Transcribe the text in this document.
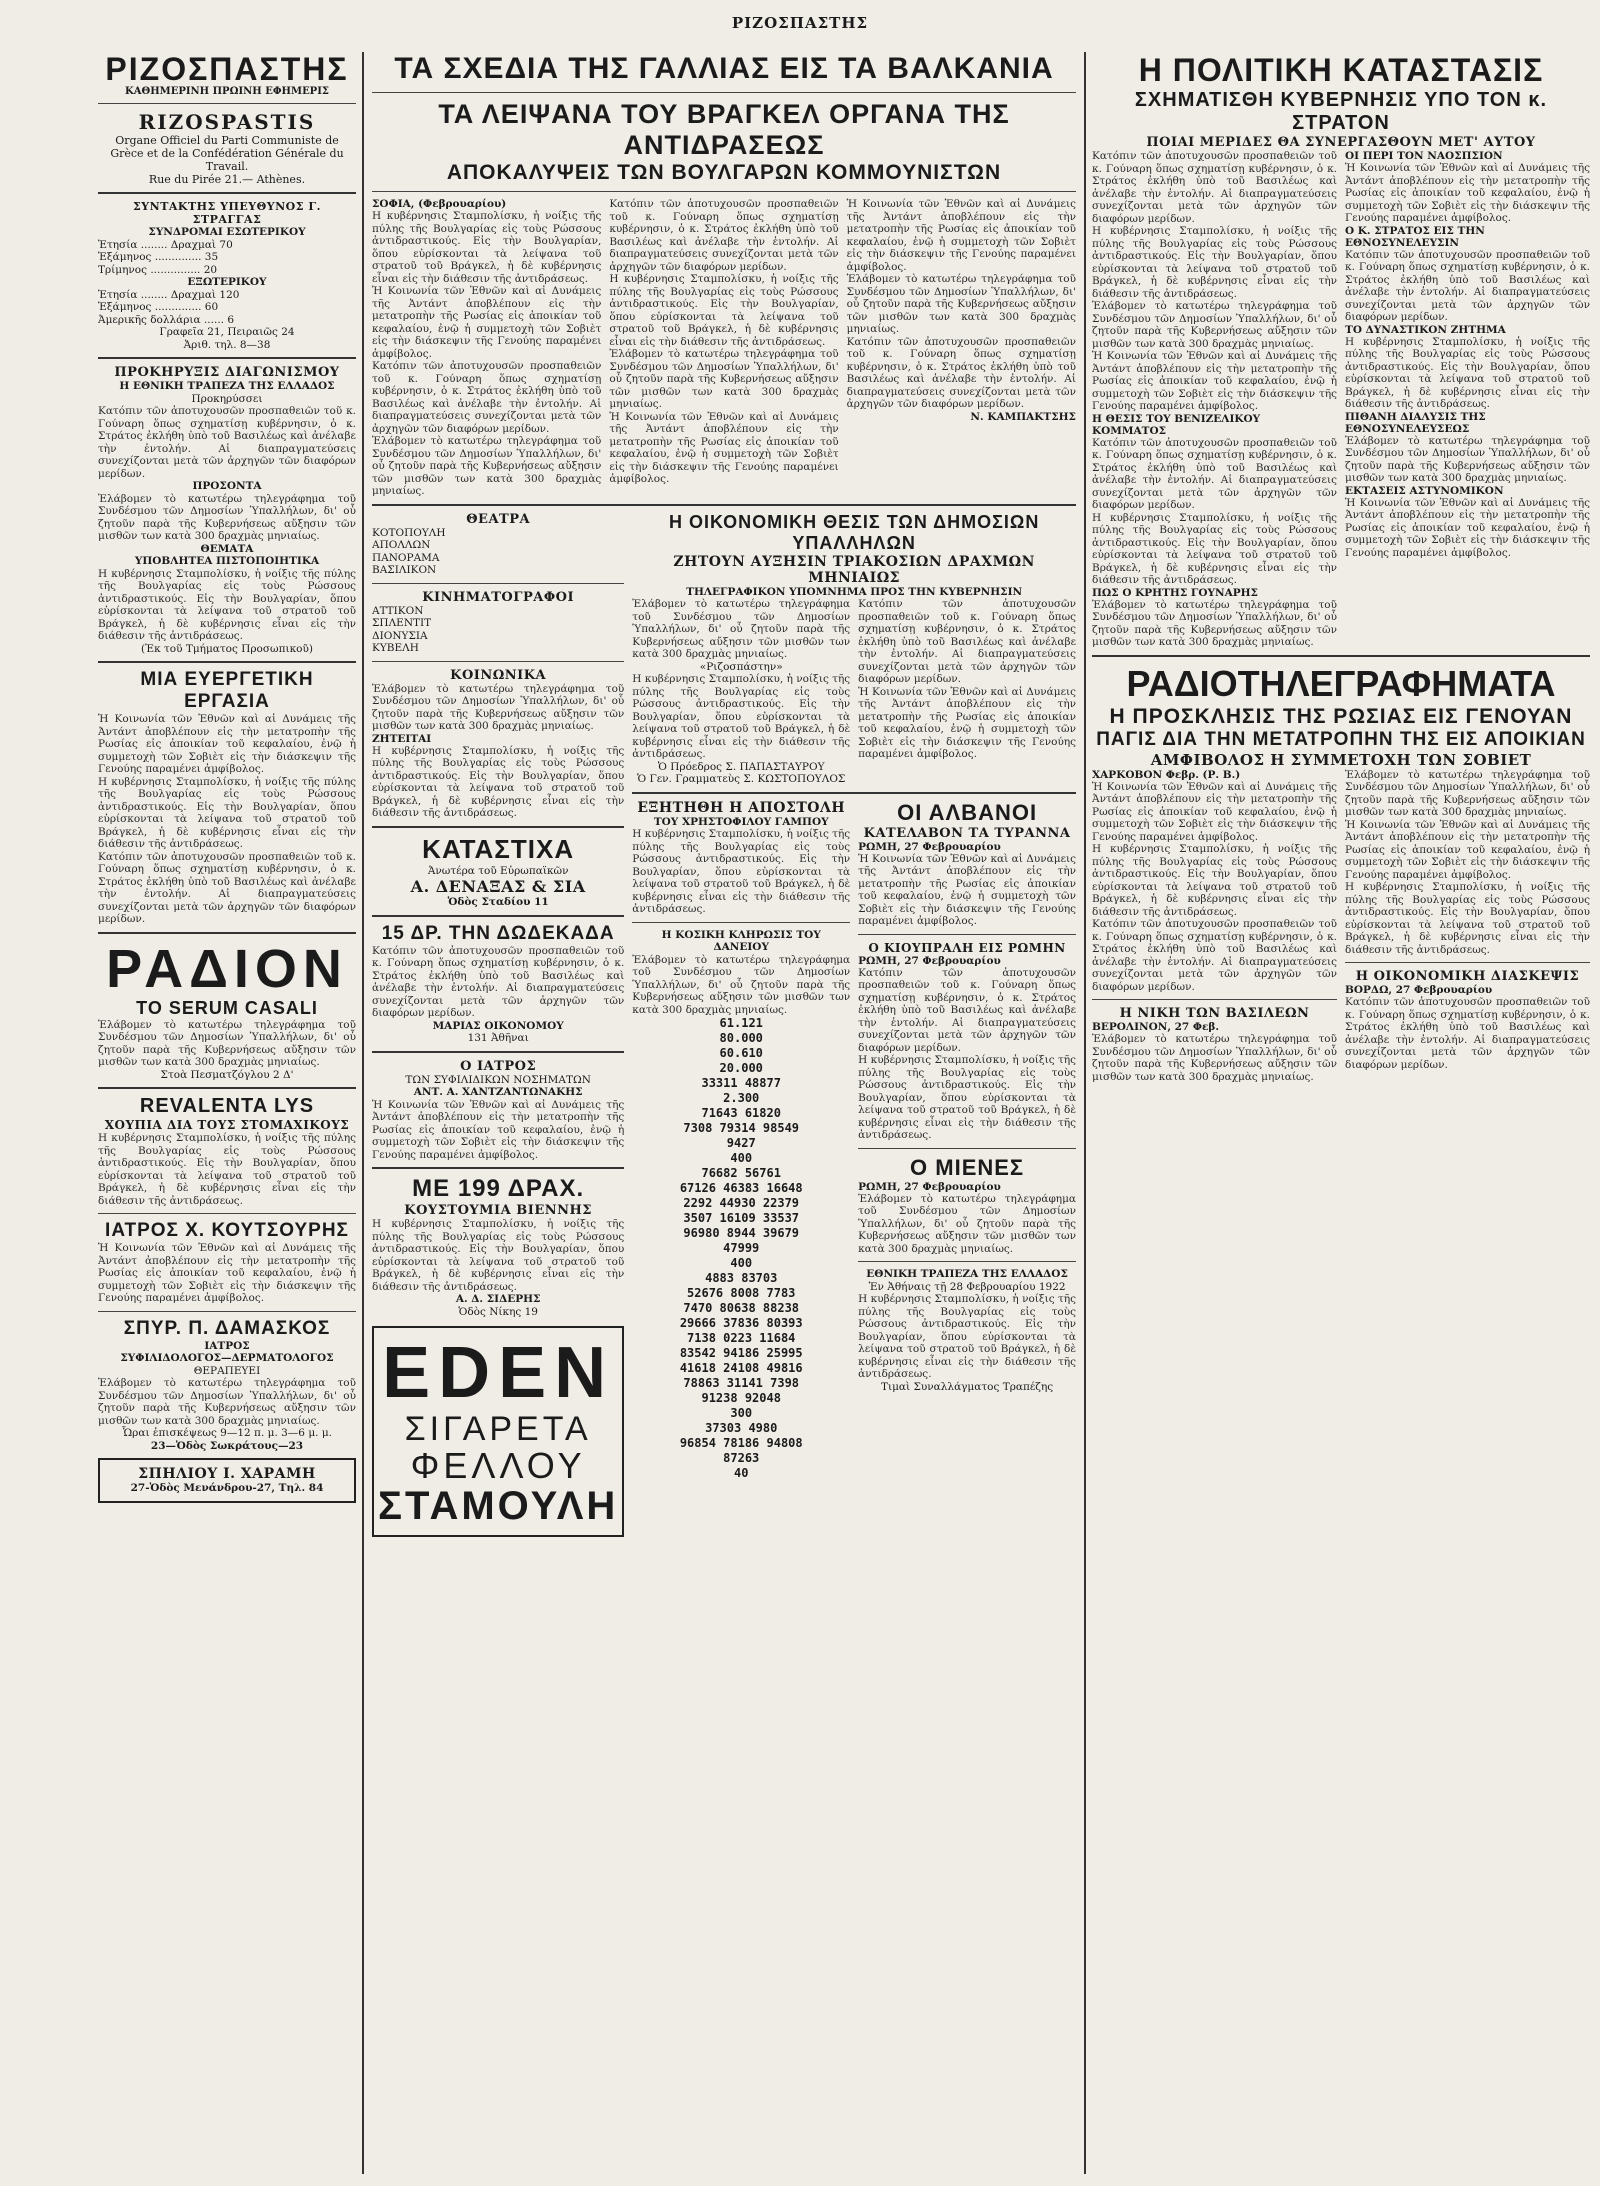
ΡΙΖΟΣΠΑΣΤΗΣ
ΡΙΖΟΣΠΑΣΤΗΣ
ΚΑΘΗΜΕΡΙΝΗ ΠΡΩΙΝΗ ΕΦΗΜΕΡΙΣ
RIZOSPASTIS
Organe Officiel du Parti Communiste de Grèce et de la Confédération Générale du Travail.
Rue du Pirée 21.— Athènes.
ΣΥΝΤΑΚΤΗΣ ΥΠΕΥΘΥΝΟΣ Γ. ΣΤΡΑΓΓΑΣ
ΣΥΝΔΡΟΜΑΙ ΕΣΩΤΕΡΙΚΟΥ
Ἐτησία ........ Δραχμαὶ 70
Ἑξάμηνος .............. 35
Τρίμηνος ............... 20
ΕΞΩΤΕΡΙΚΟΥ
Ἐτησία ........ Δραχμαὶ 120
Ἑξάμηνος .............. 60
Ἀμερικῆς δολλάρια ...... 6
Γραφεῖα 21, Πειραιῶς 24
Ἀριθ. τηλ. 8—38
ΠΡΟΚΗΡΥΞΙΣ ΔΙΑΓΩΝΙΣΜΟΥ
Η ΕΘΝΙΚΗ ΤΡΑΠΕΖΑ ΤΗΣ ΕΛΛΑΔΟΣ
Προκηρύσσει
Κατόπιν τῶν ἀποτυχουσῶν προσπαθειῶν τοῦ κ. Γούναρη ὅπως σχηματίσῃ κυβέρνησιν, ὁ κ. Στράτος ἐκλήθη ὑπὸ τοῦ Βασιλέως καὶ ἀνέλαβε τὴν ἐντολήν. Αἱ διαπραγματεύσεις συνεχίζονται μετὰ τῶν ἀρχηγῶν τῶν διαφόρων μερίδων.
ΠΡΟΣΟΝΤΑ
Ἐλάβομεν τὸ κατωτέρω τηλεγράφημα τοῦ Συνδέσμου τῶν Δημοσίων Ὑπαλλήλων, δι' οὗ ζητοῦν παρὰ τῆς Κυβερνήσεως αὔξησιν τῶν μισθῶν των κατὰ 300 δραχμὰς μηνιαίως.
ΘΕΜΑΤΑ
ΥΠΟΒΛΗΤΕΑ ΠΙΣΤΟΠΟΙΗΤΙΚΑ
Η κυβέρνησις Σταμπολίσκυ, ἡ νοίξις τῆς πύλης τῆς Βουλγαρίας εἰς τοὺς Ρώσσους ἀντιδραστικούς. Εἰς τὴν Βουλγαρίαν, ὅπου εὑρίσκονται τὰ λείψανα τοῦ στρατοῦ τοῦ Βράγκελ, ἡ δὲ κυβέρνησις εἶναι εἰς τὴν διάθεσιν τῆς ἀντιδράσεως.
(Ἐκ τοῦ Τμήματος Προσωπικοῦ)
ΜΙΑ ΕΥΕΡΓΕΤΙΚΗ ΕΡΓΑΣΙΑ
Ἡ Κοινωνία τῶν Ἐθνῶν καὶ αἱ Δυνάμεις τῆς Ἀντάντ ἀποβλέπουν εἰς τὴν μετατροπὴν τῆς Ρωσίας εἰς ἀποικίαν τοῦ κεφαλαίου, ἐνῷ ἡ συμμετοχὴ τῶν Σοβιὲτ εἰς τὴν διάσκεψιν τῆς Γενούης παραμένει ἀμφίβολος.
Η κυβέρνησις Σταμπολίσκυ, ἡ νοίξις τῆς πύλης τῆς Βουλγαρίας εἰς τοὺς Ρώσσους ἀντιδραστικούς. Εἰς τὴν Βουλγαρίαν, ὅπου εὑρίσκονται τὰ λείψανα τοῦ στρατοῦ τοῦ Βράγκελ, ἡ δὲ κυβέρνησις εἶναι εἰς τὴν διάθεσιν τῆς ἀντιδράσεως.
Κατόπιν τῶν ἀποτυχουσῶν προσπαθειῶν τοῦ κ. Γούναρη ὅπως σχηματίσῃ κυβέρνησιν, ὁ κ. Στράτος ἐκλήθη ὑπὸ τοῦ Βασιλέως καὶ ἀνέλαβε τὴν ἐντολήν. Αἱ διαπραγματεύσεις συνεχίζονται μετὰ τῶν ἀρχηγῶν τῶν διαφόρων μερίδων.
ΡΑΔΙΟΝ
TO SERUM CASALI
Ἐλάβομεν τὸ κατωτέρω τηλεγράφημα τοῦ Συνδέσμου τῶν Δημοσίων Ὑπαλλήλων, δι' οὗ ζητοῦν παρὰ τῆς Κυβερνήσεως αὔξησιν τῶν μισθῶν των κατὰ 300 δραχμὰς μηνιαίως.
Στοὰ Πεσματζόγλου 2 Δ'
REVALENTA LYS
ΧΟΥΠΙΑ ΔΙΑ ΤΟΥΣ ΣΤΟΜΑΧΙΚΟΥΣ
Η κυβέρνησις Σταμπολίσκυ, ἡ νοίξις τῆς πύλης τῆς Βουλγαρίας εἰς τοὺς Ρώσσους ἀντιδραστικούς. Εἰς τὴν Βουλγαρίαν, ὅπου εὑρίσκονται τὰ λείψανα τοῦ στρατοῦ τοῦ Βράγκελ, ἡ δὲ κυβέρνησις εἶναι εἰς τὴν διάθεσιν τῆς ἀντιδράσεως.
ΙΑΤΡΟΣ Χ. ΚΟΥΤΣΟΥΡΗΣ
Ἡ Κοινωνία τῶν Ἐθνῶν καὶ αἱ Δυνάμεις τῆς Ἀντάντ ἀποβλέπουν εἰς τὴν μετατροπὴν τῆς Ρωσίας εἰς ἀποικίαν τοῦ κεφαλαίου, ἐνῷ ἡ συμμετοχὴ τῶν Σοβιὲτ εἰς τὴν διάσκεψιν τῆς Γενούης παραμένει ἀμφίβολος.
ΣΠΥΡ. Π. ΔΑΜΑΣΚΟΣ
ΙΑΤΡΟΣ
ΣΥΦΙΛΙΔΟΛΟΓΟΣ—ΔΕΡΜΑΤΟΛΟΓΟΣ
ΘΕΡΑΠΕΥΕΙ
Ἐλάβομεν τὸ κατωτέρω τηλεγράφημα τοῦ Συνδέσμου τῶν Δημοσίων Ὑπαλλήλων, δι' οὗ ζητοῦν παρὰ τῆς Κυβερνήσεως αὔξησιν τῶν μισθῶν των κατὰ 300 δραχμὰς μηνιαίως.
Ὧραι ἐπισκέψεως 9—12 π. μ. 3—6 μ. μ.
23—Ὁδὸς Σωκράτους—23
ΣΠΗΛΙΟΥ Ι. ΧΑΡΑΜΗ
27-Ὁδὸς Μενάνδρου-27, Τηλ. 84
ΤΑ ΣΧΕΔΙΑ ΤΗΣ ΓΑΛΛΙΑΣ ΕΙΣ ΤΑ ΒΑΛΚΑΝΙΑ
ΤΑ ΛΕΙΨΑΝΑ ΤΟΥ ΒΡΑΓΚΕΛ ΟΡΓΑΝΑ ΤΗΣ ΑΝΤΙΔΡΑΣΕΩΣ
ΑΠΟΚΑΛΥΨΕΙΣ ΤΩΝ ΒΟΥΛΓΑΡΩΝ ΚΟΜΜΟΥΝΙΣΤΩΝ
ΣΟΦΙΑ, (Φεβρουαρίου)
Η κυβέρνησις Σταμπολίσκυ, ἡ νοίξις τῆς πύλης τῆς Βουλγαρίας εἰς τοὺς Ρώσσους ἀντιδραστικούς. Εἰς τὴν Βουλγαρίαν, ὅπου εὑρίσκονται τὰ λείψανα τοῦ στρατοῦ τοῦ Βράγκελ, ἡ δὲ κυβέρνησις εἶναι εἰς τὴν διάθεσιν τῆς ἀντιδράσεως.
Ἡ Κοινωνία τῶν Ἐθνῶν καὶ αἱ Δυνάμεις τῆς Ἀντάντ ἀποβλέπουν εἰς τὴν μετατροπὴν τῆς Ρωσίας εἰς ἀποικίαν τοῦ κεφαλαίου, ἐνῷ ἡ συμμετοχὴ τῶν Σοβιὲτ εἰς τὴν διάσκεψιν τῆς Γενούης παραμένει ἀμφίβολος.
Κατόπιν τῶν ἀποτυχουσῶν προσπαθειῶν τοῦ κ. Γούναρη ὅπως σχηματίσῃ κυβέρνησιν, ὁ κ. Στράτος ἐκλήθη ὑπὸ τοῦ Βασιλέως καὶ ἀνέλαβε τὴν ἐντολήν. Αἱ διαπραγματεύσεις συνεχίζονται μετὰ τῶν ἀρχηγῶν τῶν διαφόρων μερίδων.
Ἐλάβομεν τὸ κατωτέρω τηλεγράφημα τοῦ Συνδέσμου τῶν Δημοσίων Ὑπαλλήλων, δι' οὗ ζητοῦν παρὰ τῆς Κυβερνήσεως αὔξησιν τῶν μισθῶν των κατὰ 300 δραχμὰς μηνιαίως.
Κατόπιν τῶν ἀποτυχουσῶν προσπαθειῶν τοῦ κ. Γούναρη ὅπως σχηματίσῃ κυβέρνησιν, ὁ κ. Στράτος ἐκλήθη ὑπὸ τοῦ Βασιλέως καὶ ἀνέλαβε τὴν ἐντολήν. Αἱ διαπραγματεύσεις συνεχίζονται μετὰ τῶν ἀρχηγῶν τῶν διαφόρων μερίδων.
Η κυβέρνησις Σταμπολίσκυ, ἡ νοίξις τῆς πύλης τῆς Βουλγαρίας εἰς τοὺς Ρώσσους ἀντιδραστικούς. Εἰς τὴν Βουλγαρίαν, ὅπου εὑρίσκονται τὰ λείψανα τοῦ στρατοῦ τοῦ Βράγκελ, ἡ δὲ κυβέρνησις εἶναι εἰς τὴν διάθεσιν τῆς ἀντιδράσεως.
Ἐλάβομεν τὸ κατωτέρω τηλεγράφημα τοῦ Συνδέσμου τῶν Δημοσίων Ὑπαλλήλων, δι' οὗ ζητοῦν παρὰ τῆς Κυβερνήσεως αὔξησιν τῶν μισθῶν των κατὰ 300 δραχμὰς μηνιαίως.
Ἡ Κοινωνία τῶν Ἐθνῶν καὶ αἱ Δυνάμεις τῆς Ἀντάντ ἀποβλέπουν εἰς τὴν μετατροπὴν τῆς Ρωσίας εἰς ἀποικίαν τοῦ κεφαλαίου, ἐνῷ ἡ συμμετοχὴ τῶν Σοβιὲτ εἰς τὴν διάσκεψιν τῆς Γενούης παραμένει ἀμφίβολος.
Ἡ Κοινωνία τῶν Ἐθνῶν καὶ αἱ Δυνάμεις τῆς Ἀντάντ ἀποβλέπουν εἰς τὴν μετατροπὴν τῆς Ρωσίας εἰς ἀποικίαν τοῦ κεφαλαίου, ἐνῷ ἡ συμμετοχὴ τῶν Σοβιὲτ εἰς τὴν διάσκεψιν τῆς Γενούης παραμένει ἀμφίβολος.
Ἐλάβομεν τὸ κατωτέρω τηλεγράφημα τοῦ Συνδέσμου τῶν Δημοσίων Ὑπαλλήλων, δι' οὗ ζητοῦν παρὰ τῆς Κυβερνήσεως αὔξησιν τῶν μισθῶν των κατὰ 300 δραχμὰς μηνιαίως.
Κατόπιν τῶν ἀποτυχουσῶν προσπαθειῶν τοῦ κ. Γούναρη ὅπως σχηματίσῃ κυβέρνησιν, ὁ κ. Στράτος ἐκλήθη ὑπὸ τοῦ Βασιλέως καὶ ἀνέλαβε τὴν ἐντολήν. Αἱ διαπραγματεύσεις συνεχίζονται μετὰ τῶν ἀρχηγῶν τῶν διαφόρων μερίδων.
Ν. ΚΑΜΠΑΚΤΣΗΣ
ΘΕΑΤΡΑ
ΚΟΤΟΠΟΥΛΗ
ΑΠΟΛΛΩΝ
ΠΑΝΟΡΑΜΑ
ΒΑΣΙΛΙΚΟΝ
ΚΙΝΗΜΑΤΟΓΡΑΦΟΙ
ΑΤΤΙΚΟΝ
ΣΠΛΕΝΤΙΤ
ΔΙΟΝΥΣΙΑ
ΚΥΒΕΛΗ
ΚΟΙΝΩΝΙΚΑ
Ἐλάβομεν τὸ κατωτέρω τηλεγράφημα τοῦ Συνδέσμου τῶν Δημοσίων Ὑπαλλήλων, δι' οὗ ζητοῦν παρὰ τῆς Κυβερνήσεως αὔξησιν τῶν μισθῶν των κατὰ 300 δραχμὰς μηνιαίως.
ΖΗΤΕΙΤΑΙ
Η κυβέρνησις Σταμπολίσκυ, ἡ νοίξις τῆς πύλης τῆς Βουλγαρίας εἰς τοὺς Ρώσσους ἀντιδραστικούς. Εἰς τὴν Βουλγαρίαν, ὅπου εὑρίσκονται τὰ λείψανα τοῦ στρατοῦ τοῦ Βράγκελ, ἡ δὲ κυβέρνησις εἶναι εἰς τὴν διάθεσιν τῆς ἀντιδράσεως.
ΚΑΤΑΣΤΙΧΑ
Ἀνωτέρα τοῦ Εὐρωπαϊκῶν
Α. ΔΕΝΑΞΑΣ & ΣΙΑ
Ὁδὸς Σταδίου 11
15 ΔΡ. ΤΗΝ ΔΩΔΕΚΑΔΑ
Κατόπιν τῶν ἀποτυχουσῶν προσπαθειῶν τοῦ κ. Γούναρη ὅπως σχηματίσῃ κυβέρνησιν, ὁ κ. Στράτος ἐκλήθη ὑπὸ τοῦ Βασιλέως καὶ ἀνέλαβε τὴν ἐντολήν. Αἱ διαπραγματεύσεις συνεχίζονται μετὰ τῶν ἀρχηγῶν τῶν διαφόρων μερίδων.
ΜΑΡΙΑΣ ΟΙΚΟΝΟΜΟΥ
131 Ἀθῆναι
Ο ΙΑΤΡΟΣ
ΤΩΝ ΣΥΦΙΛΙΔΙΚΩΝ ΝΟΣΗΜΑΤΩΝ
ΑΝΤ. Α. ΧΑΝΤΖΑΝΤΩΝΑΚΗΣ
Ἡ Κοινωνία τῶν Ἐθνῶν καὶ αἱ Δυνάμεις τῆς Ἀντάντ ἀποβλέπουν εἰς τὴν μετατροπὴν τῆς Ρωσίας εἰς ἀποικίαν τοῦ κεφαλαίου, ἐνῷ ἡ συμμετοχὴ τῶν Σοβιὲτ εἰς τὴν διάσκεψιν τῆς Γενούης παραμένει ἀμφίβολος.
ΜΕ 199 ΔΡΑΧ.
ΚΟΥΣΤΟΥΜΙΑ ΒΙΕΝΝΗΣ
Η κυβέρνησις Σταμπολίσκυ, ἡ νοίξις τῆς πύλης τῆς Βουλγαρίας εἰς τοὺς Ρώσσους ἀντιδραστικούς. Εἰς τὴν Βουλγαρίαν, ὅπου εὑρίσκονται τὰ λείψανα τοῦ στρατοῦ τοῦ Βράγκελ, ἡ δὲ κυβέρνησις εἶναι εἰς τὴν διάθεσιν τῆς ἀντιδράσεως.
Α. Δ. ΣΙΔΕΡΗΣ
Ὁδὸς Νίκης 19
EDEN
ΣΙΓΑΡΕΤΑ
ΦΕΛΛΟΥ
ΣΤΑΜΟΥΛΗ
Η ΟΙΚΟΝΟΜΙΚΗ ΘΕΣΙΣ ΤΩΝ ΔΗΜΟΣΙΩΝ ΥΠΑΛΛΗΛΩΝ
ΖΗΤΟΥΝ ΑΥΞΗΣΙΝ ΤΡΙΑΚΟΣΙΩΝ ΔΡΑΧΜΩΝ ΜΗΝΙΑΙΩΣ
ΤΗΛΕΓΡΑΦΙΚΟΝ ΥΠΟΜΝΗΜΑ ΠΡΟΣ ΤΗΝ ΚΥΒΕΡΝΗΣΙΝ
Ἐλάβομεν τὸ κατωτέρω τηλεγράφημα τοῦ Συνδέσμου τῶν Δημοσίων Ὑπαλλήλων, δι' οὗ ζητοῦν παρὰ τῆς Κυβερνήσεως αὔξησιν τῶν μισθῶν των κατὰ 300 δραχμὰς μηνιαίως.
«Ριζοσπάστην»
Η κυβέρνησις Σταμπολίσκυ, ἡ νοίξις τῆς πύλης τῆς Βουλγαρίας εἰς τοὺς Ρώσσους ἀντιδραστικούς. Εἰς τὴν Βουλγαρίαν, ὅπου εὑρίσκονται τὰ λείψανα τοῦ στρατοῦ τοῦ Βράγκελ, ἡ δὲ κυβέρνησις εἶναι εἰς τὴν διάθεσιν τῆς ἀντιδράσεως.
Ὁ Πρόεδρος Σ. ΠΑΠΑΣΤΑΥΡΟΥ
Ὁ Γεν. Γραμματεὺς Σ. ΚΩΣΤΟΠΟΥΛΟΣ
Κατόπιν τῶν ἀποτυχουσῶν προσπαθειῶν τοῦ κ. Γούναρη ὅπως σχηματίσῃ κυβέρνησιν, ὁ κ. Στράτος ἐκλήθη ὑπὸ τοῦ Βασιλέως καὶ ἀνέλαβε τὴν ἐντολήν. Αἱ διαπραγματεύσεις συνεχίζονται μετὰ τῶν ἀρχηγῶν τῶν διαφόρων μερίδων.
Ἡ Κοινωνία τῶν Ἐθνῶν καὶ αἱ Δυνάμεις τῆς Ἀντάντ ἀποβλέπουν εἰς τὴν μετατροπὴν τῆς Ρωσίας εἰς ἀποικίαν τοῦ κεφαλαίου, ἐνῷ ἡ συμμετοχὴ τῶν Σοβιὲτ εἰς τὴν διάσκεψιν τῆς Γενούης παραμένει ἀμφίβολος.
ΕΞΗΤΗΘΗ Η ΑΠΟΣΤΟΛΗ
ΤΟΥ ΧΡΗΣΤΟΦΙΛΟΥ ΓΑΜΠΟΥ
Η κυβέρνησις Σταμπολίσκυ, ἡ νοίξις τῆς πύλης τῆς Βουλγαρίας εἰς τοὺς Ρώσσους ἀντιδραστικούς. Εἰς τὴν Βουλγαρίαν, ὅπου εὑρίσκονται τὰ λείψανα τοῦ στρατοῦ τοῦ Βράγκελ, ἡ δὲ κυβέρνησις εἶναι εἰς τὴν διάθεσιν τῆς ἀντιδράσεως.
Η ΚΟΣΙΚΗ ΚΛΗΡΩΣΙΣ ΤΟΥ ΔΑΝΕΙΟΥ
Ἐλάβομεν τὸ κατωτέρω τηλεγράφημα τοῦ Συνδέσμου τῶν Δημοσίων Ὑπαλλήλων, δι' οὗ ζητοῦν παρὰ τῆς Κυβερνήσεως αὔξησιν τῶν μισθῶν των κατὰ 300 δραχμὰς μηνιαίως.
61.121
80.000
60.610
20.000
33311 48877
2.300
71643 61820
7308 79314 98549
9427
400
76682 56761
67126 46383 16648
2292 44930 22379
3507 16109 33537
96980 8944 39679
47999
400
4883 83703
52676 8008 7783
7470 80638 88238
29666 37836 80393
7138 0223 11684
83542 94186 25995
41618 24108 49816
78863 31141 7398
91238 92048
300
37303 4980
96854 78186 94808
87263
40
ΟΙ ΑΛΒΑΝΟΙ
ΚΑΤΕΛΑΒΟΝ ΤΑ ΤΥΡΑΝΝΑ
ΡΩΜΗ, 27 Φεβρουαρίου
Ἡ Κοινωνία τῶν Ἐθνῶν καὶ αἱ Δυνάμεις τῆς Ἀντάντ ἀποβλέπουν εἰς τὴν μετατροπὴν τῆς Ρωσίας εἰς ἀποικίαν τοῦ κεφαλαίου, ἐνῷ ἡ συμμετοχὴ τῶν Σοβιὲτ εἰς τὴν διάσκεψιν τῆς Γενούης παραμένει ἀμφίβολος.
Ο ΚΙΟΥΠΡΑΛΗ ΕΙΣ ΡΩΜΗΝ
ΡΩΜΗ, 27 Φεβρουαρίου
Κατόπιν τῶν ἀποτυχουσῶν προσπαθειῶν τοῦ κ. Γούναρη ὅπως σχηματίσῃ κυβέρνησιν, ὁ κ. Στράτος ἐκλήθη ὑπὸ τοῦ Βασιλέως καὶ ἀνέλαβε τὴν ἐντολήν. Αἱ διαπραγματεύσεις συνεχίζονται μετὰ τῶν ἀρχηγῶν τῶν διαφόρων μερίδων.
Η κυβέρνησις Σταμπολίσκυ, ἡ νοίξις τῆς πύλης τῆς Βουλγαρίας εἰς τοὺς Ρώσσους ἀντιδραστικούς. Εἰς τὴν Βουλγαρίαν, ὅπου εὑρίσκονται τὰ λείψανα τοῦ στρατοῦ τοῦ Βράγκελ, ἡ δὲ κυβέρνησις εἶναι εἰς τὴν διάθεσιν τῆς ἀντιδράσεως.
Ο ΜΙΕΝΕΣ
ΡΩΜΗ, 27 Φεβρουαρίου
Ἐλάβομεν τὸ κατωτέρω τηλεγράφημα τοῦ Συνδέσμου τῶν Δημοσίων Ὑπαλλήλων, δι' οὗ ζητοῦν παρὰ τῆς Κυβερνήσεως αὔξησιν τῶν μισθῶν των κατὰ 300 δραχμὰς μηνιαίως.
ΕΘΝΙΚΗ ΤΡΑΠΕΖΑ ΤΗΣ ΕΛΛΑΔΟΣ
Ἐν Ἀθήναις τῇ 28 Φεβρουαρίου 1922
Η κυβέρνησις Σταμπολίσκυ, ἡ νοίξις τῆς πύλης τῆς Βουλγαρίας εἰς τοὺς Ρώσσους ἀντιδραστικούς. Εἰς τὴν Βουλγαρίαν, ὅπου εὑρίσκονται τὰ λείψανα τοῦ στρατοῦ τοῦ Βράγκελ, ἡ δὲ κυβέρνησις εἶναι εἰς τὴν διάθεσιν τῆς ἀντιδράσεως.
Τιμαὶ Συναλλάγματος Τραπέζης
Η ΠΟΛΙΤΙΚΗ ΚΑΤΑΣΤΑΣΙΣ
ΣΧΗΜΑΤΙΣΘΗ ΚΥΒΕΡΝΗΣΙΣ ΥΠΟ ΤΟΝ κ. ΣΤΡΑΤΟΝ
ΠΟΙΑΙ ΜΕΡΙΔΕΣ ΘΑ ΣΥΝΕΡΓΑΣΘΟΥΝ ΜΕΤ' ΑΥΤΟΥ
Κατόπιν τῶν ἀποτυχουσῶν προσπαθειῶν τοῦ κ. Γούναρη ὅπως σχηματίσῃ κυβέρνησιν, ὁ κ. Στράτος ἐκλήθη ὑπὸ τοῦ Βασιλέως καὶ ἀνέλαβε τὴν ἐντολήν. Αἱ διαπραγματεύσεις συνεχίζονται μετὰ τῶν ἀρχηγῶν τῶν διαφόρων μερίδων.
Η κυβέρνησις Σταμπολίσκυ, ἡ νοίξις τῆς πύλης τῆς Βουλγαρίας εἰς τοὺς Ρώσσους ἀντιδραστικούς. Εἰς τὴν Βουλγαρίαν, ὅπου εὑρίσκονται τὰ λείψανα τοῦ στρατοῦ τοῦ Βράγκελ, ἡ δὲ κυβέρνησις εἶναι εἰς τὴν διάθεσιν τῆς ἀντιδράσεως.
Ἐλάβομεν τὸ κατωτέρω τηλεγράφημα τοῦ Συνδέσμου τῶν Δημοσίων Ὑπαλλήλων, δι' οὗ ζητοῦν παρὰ τῆς Κυβερνήσεως αὔξησιν τῶν μισθῶν των κατὰ 300 δραχμὰς μηνιαίως.
Ἡ Κοινωνία τῶν Ἐθνῶν καὶ αἱ Δυνάμεις τῆς Ἀντάντ ἀποβλέπουν εἰς τὴν μετατροπὴν τῆς Ρωσίας εἰς ἀποικίαν τοῦ κεφαλαίου, ἐνῷ ἡ συμμετοχὴ τῶν Σοβιὲτ εἰς τὴν διάσκεψιν τῆς Γενούης παραμένει ἀμφίβολος.
Η ΘΕΣΙΣ ΤΟΥ ΒΕΝΙΖΕΛΙΚΟΥ ΚΟΜΜΑΤΟΣ
Κατόπιν τῶν ἀποτυχουσῶν προσπαθειῶν τοῦ κ. Γούναρη ὅπως σχηματίσῃ κυβέρνησιν, ὁ κ. Στράτος ἐκλήθη ὑπὸ τοῦ Βασιλέως καὶ ἀνέλαβε τὴν ἐντολήν. Αἱ διαπραγματεύσεις συνεχίζονται μετὰ τῶν ἀρχηγῶν τῶν διαφόρων μερίδων.
Η κυβέρνησις Σταμπολίσκυ, ἡ νοίξις τῆς πύλης τῆς Βουλγαρίας εἰς τοὺς Ρώσσους ἀντιδραστικούς. Εἰς τὴν Βουλγαρίαν, ὅπου εὑρίσκονται τὰ λείψανα τοῦ στρατοῦ τοῦ Βράγκελ, ἡ δὲ κυβέρνησις εἶναι εἰς τὴν διάθεσιν τῆς ἀντιδράσεως.
ΠΩΣ Ο ΚΡΗΤΗΣ ΓΟΥΝΑΡΗΣ
Ἐλάβομεν τὸ κατωτέρω τηλεγράφημα τοῦ Συνδέσμου τῶν Δημοσίων Ὑπαλλήλων, δι' οὗ ζητοῦν παρὰ τῆς Κυβερνήσεως αὔξησιν τῶν μισθῶν των κατὰ 300 δραχμὰς μηνιαίως.
ΟΙ ΠΕΡΙ ΤΟΝ ΝΑΟΣΠΣΙΟΝ
Ἡ Κοινωνία τῶν Ἐθνῶν καὶ αἱ Δυνάμεις τῆς Ἀντάντ ἀποβλέπουν εἰς τὴν μετατροπὴν τῆς Ρωσίας εἰς ἀποικίαν τοῦ κεφαλαίου, ἐνῷ ἡ συμμετοχὴ τῶν Σοβιὲτ εἰς τὴν διάσκεψιν τῆς Γενούης παραμένει ἀμφίβολος.
Ο Κ. ΣΤΡΑΤΟΣ ΕΙΣ ΤΗΝ ΕΘΝΟΣΥΝΕΛΕΥΣΙΝ
Κατόπιν τῶν ἀποτυχουσῶν προσπαθειῶν τοῦ κ. Γούναρη ὅπως σχηματίσῃ κυβέρνησιν, ὁ κ. Στράτος ἐκλήθη ὑπὸ τοῦ Βασιλέως καὶ ἀνέλαβε τὴν ἐντολήν. Αἱ διαπραγματεύσεις συνεχίζονται μετὰ τῶν ἀρχηγῶν τῶν διαφόρων μερίδων.
ΤΟ ΔΥΝΑΣΤΙΚΟΝ ΖΗΤΗΜΑ
Η κυβέρνησις Σταμπολίσκυ, ἡ νοίξις τῆς πύλης τῆς Βουλγαρίας εἰς τοὺς Ρώσσους ἀντιδραστικούς. Εἰς τὴν Βουλγαρίαν, ὅπου εὑρίσκονται τὰ λείψανα τοῦ στρατοῦ τοῦ Βράγκελ, ἡ δὲ κυβέρνησις εἶναι εἰς τὴν διάθεσιν τῆς ἀντιδράσεως.
ΠΙΘΑΝΗ ΔΙΑΛΥΣΙΣ ΤΗΣ ΕΘΝΟΣΥΝΕΛΕΥΣΕΩΣ
Ἐλάβομεν τὸ κατωτέρω τηλεγράφημα τοῦ Συνδέσμου τῶν Δημοσίων Ὑπαλλήλων, δι' οὗ ζητοῦν παρὰ τῆς Κυβερνήσεως αὔξησιν τῶν μισθῶν των κατὰ 300 δραχμὰς μηνιαίως.
ΕΚΤΑΣΕΙΣ ΑΣΤΥΝΟΜΙΚΟΝ
Ἡ Κοινωνία τῶν Ἐθνῶν καὶ αἱ Δυνάμεις τῆς Ἀντάντ ἀποβλέπουν εἰς τὴν μετατροπὴν τῆς Ρωσίας εἰς ἀποικίαν τοῦ κεφαλαίου, ἐνῷ ἡ συμμετοχὴ τῶν Σοβιὲτ εἰς τὴν διάσκεψιν τῆς Γενούης παραμένει ἀμφίβολος.
ΡΑΔΙΟΤΗΛΕΓΡΑΦΗΜΑΤΑ
Η ΠΡΟΣΚΛΗΣΙΣ ΤΗΣ ΡΩΣΙΑΣ ΕΙΣ ΓΕΝΟΥΑΝ
ΠΑΓΙΣ ΔΙΑ ΤΗΝ ΜΕΤΑΤΡΟΠΗΝ ΤΗΣ ΕΙΣ ΑΠΟΙΚΙΑΝ
ΑΜΦΙΒΟΛΟΣ Η ΣΥΜΜΕΤΟΧΗ ΤΩΝ ΣΟΒΙΕΤ
ΧΑΡΚΟΒΟΝ Φεβρ. (Ρ. Β.)
Ἡ Κοινωνία τῶν Ἐθνῶν καὶ αἱ Δυνάμεις τῆς Ἀντάντ ἀποβλέπουν εἰς τὴν μετατροπὴν τῆς Ρωσίας εἰς ἀποικίαν τοῦ κεφαλαίου, ἐνῷ ἡ συμμετοχὴ τῶν Σοβιὲτ εἰς τὴν διάσκεψιν τῆς Γενούης παραμένει ἀμφίβολος.
Η κυβέρνησις Σταμπολίσκυ, ἡ νοίξις τῆς πύλης τῆς Βουλγαρίας εἰς τοὺς Ρώσσους ἀντιδραστικούς. Εἰς τὴν Βουλγαρίαν, ὅπου εὑρίσκονται τὰ λείψανα τοῦ στρατοῦ τοῦ Βράγκελ, ἡ δὲ κυβέρνησις εἶναι εἰς τὴν διάθεσιν τῆς ἀντιδράσεως.
Κατόπιν τῶν ἀποτυχουσῶν προσπαθειῶν τοῦ κ. Γούναρη ὅπως σχηματίσῃ κυβέρνησιν, ὁ κ. Στράτος ἐκλήθη ὑπὸ τοῦ Βασιλέως καὶ ἀνέλαβε τὴν ἐντολήν. Αἱ διαπραγματεύσεις συνεχίζονται μετὰ τῶν ἀρχηγῶν τῶν διαφόρων μερίδων.
Η ΝΙΚΗ ΤΩΝ ΒΑΣΙΛΕΩΝ
ΒΕΡΟΛΙΝΟΝ, 27 Φεβ.
Ἐλάβομεν τὸ κατωτέρω τηλεγράφημα τοῦ Συνδέσμου τῶν Δημοσίων Ὑπαλλήλων, δι' οὗ ζητοῦν παρὰ τῆς Κυβερνήσεως αὔξησιν τῶν μισθῶν των κατὰ 300 δραχμὰς μηνιαίως.
Ἐλάβομεν τὸ κατωτέρω τηλεγράφημα τοῦ Συνδέσμου τῶν Δημοσίων Ὑπαλλήλων, δι' οὗ ζητοῦν παρὰ τῆς Κυβερνήσεως αὔξησιν τῶν μισθῶν των κατὰ 300 δραχμὰς μηνιαίως.
Ἡ Κοινωνία τῶν Ἐθνῶν καὶ αἱ Δυνάμεις τῆς Ἀντάντ ἀποβλέπουν εἰς τὴν μετατροπὴν τῆς Ρωσίας εἰς ἀποικίαν τοῦ κεφαλαίου, ἐνῷ ἡ συμμετοχὴ τῶν Σοβιὲτ εἰς τὴν διάσκεψιν τῆς Γενούης παραμένει ἀμφίβολος.
Η κυβέρνησις Σταμπολίσκυ, ἡ νοίξις τῆς πύλης τῆς Βουλγαρίας εἰς τοὺς Ρώσσους ἀντιδραστικούς. Εἰς τὴν Βουλγαρίαν, ὅπου εὑρίσκονται τὰ λείψανα τοῦ στρατοῦ τοῦ Βράγκελ, ἡ δὲ κυβέρνησις εἶναι εἰς τὴν διάθεσιν τῆς ἀντιδράσεως.
Η ΟΙΚΟΝΟΜΙΚΗ ΔΙΑΣΚΕΨΙΣ
ΒΟΡΔΩ, 27 Φεβρουαρίου
Κατόπιν τῶν ἀποτυχουσῶν προσπαθειῶν τοῦ κ. Γούναρη ὅπως σχηματίσῃ κυβέρνησιν, ὁ κ. Στράτος ἐκλήθη ὑπὸ τοῦ Βασιλέως καὶ ἀνέλαβε τὴν ἐντολήν. Αἱ διαπραγματεύσεις συνεχίζονται μετὰ τῶν ἀρχηγῶν τῶν διαφόρων μερίδων.
